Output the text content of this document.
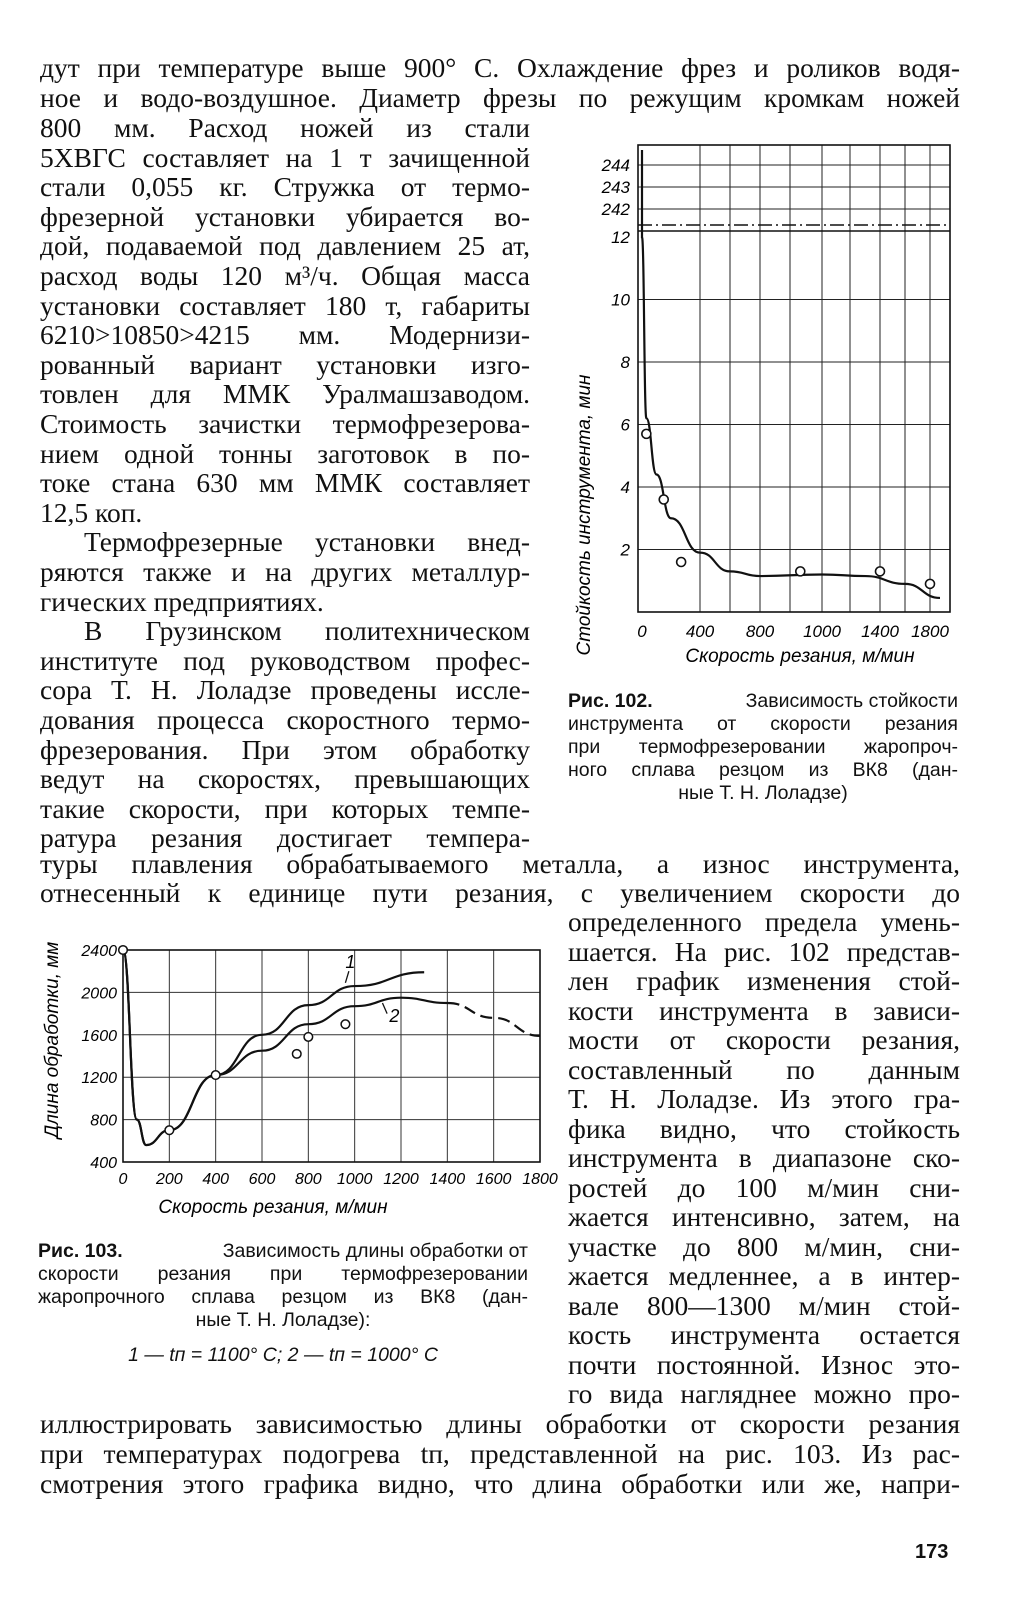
дут при температуре выше 900° С. Охлаждение фрез и роликов водя-
ное и водо-воздушное. Диаметр фрезы по режущим кромкам ножей
800 мм. Расход ножей из стали
5ХВГС составляет на 1 т зачищенной
стали 0,055 кг. Стружка от термо-
фрезерной установки убирается во-
дой, подаваемой под давлением 25 ат,
расход воды 120 м³/ч. Общая масса
установки составляет 180 т, габариты
6210>10850>4215 мм. Модернизи-
рованный вариант установки изго-
товлен для ММК Уралмашзаводом.
Стоимость зачистки термофрезерова-
нием одной тонны заготовок в по-
токе стана 630 мм ММК составляет
12,5 коп.
Термофрезерные установки внед-
ряются также и на других металлур-
гических предприятиях.
В Грузинском политехническом
институте под руководством профес-
сора Т. Н. Лоладзе проведены иссле-
дования процесса скоростного термо-
фрезерования. При этом обработку
ведут на скоростях, превышающих
такие скорости, при которых темпе-
ратура резания достигает темпера-
туры плавления обрабатываемого металла, а износ инструмента,
отнесенный к единице пути резания, с увеличением скорости до
определенного предела умень-
шается. На рис. 102 представ-
лен график изменения стой-
кости инструмента в зависи-
мости от скорости резания,
составленный по данным
Т. Н. Лоладзе. Из этого гра-
фика видно, что стойкость
инструмента в диапазоне ско-
ростей до 100 м/мин сни-
жается интенсивно, затем, на
участке до 800 м/мин, сни-
жается медленнее, а в интер-
вале 800—1300 м/мин стой-
кость инструмента остается
почти постоянной. Износ это-
го вида нагляднее можно про-
иллюстрировать зависимостью длины обработки от скорости резания
при температурах подогрева tп, представленной на рис. 103. Из рас-
смотрения этого графика видно, что длина обработки или же, напри-
2
4
6
8
10
12
242
243
244
0 400 800 1000 1400 1800
Стойкость инструмента, мин
Скорость резания, м/мин
Рис. 102.	Зависимость стойкости
инструмента от скорости резания
при термофрезеровании жаропроч-
ного сплава резцом из ВК8 (дан-
ные Т. Н. Лоладзе)
1
2
400
800
1200
1600
2000
2400
0 200 400 600 800 1000 1200 1400 1600 1800
Длина обработки, мм
Скорость резания, м/мин
Рис. 103.	Зависимость длины обработки от
скорости резания при термофрезеровании
жаропрочного сплава резцом из ВК8 (дан-
ные Т. Н. Лоладзе):
1 — tп = 1100° С; 2 — tп = 1000° С
173
